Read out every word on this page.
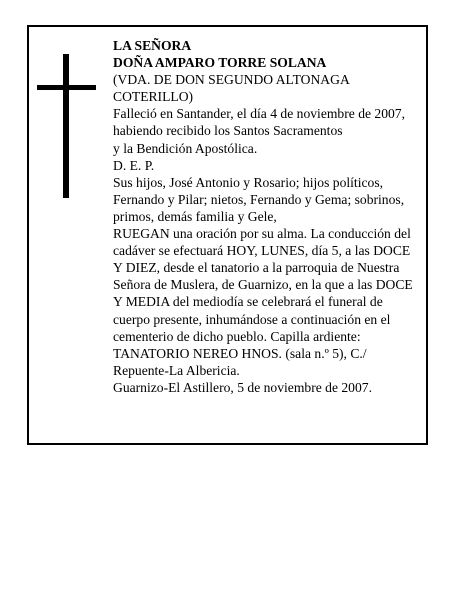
LA SEÑORA
DOÑA AMPARO TORRE SOLANA
(VDA. DE DON SEGUNDO ALTONAGA
COTERILLO)
Falleció en Santander, el día 4 de noviembre de 2007,
habiendo recibido los Santos Sacramentos
y la Bendición Apostólica.
D. E. P.
Sus hijos, José Antonio y Rosario; hijos políticos,
Fernando y Pilar; nietos, Fernando y Gema; sobrinos,
primos, demás familia y Gele,
RUEGAN una oración por su alma. La conducción del
cadáver se efectuará HOY, LUNES, día 5, a las DOCE
Y DIEZ, desde el tanatorio a la parroquia de Nuestra
Señora de Muslera, de Guarnizo, en la que a las DOCE
Y MEDIA del mediodía se celebrará el funeral de
cuerpo presente, inhumándose a continuación en el
cementerio de dicho pueblo. Capilla ardiente:
TANATORIO NEREO HNOS. (sala n.º 5), C./
Repuente-La Albericia.
Guarnizo-El Astillero, 5 de noviembre de 2007.
